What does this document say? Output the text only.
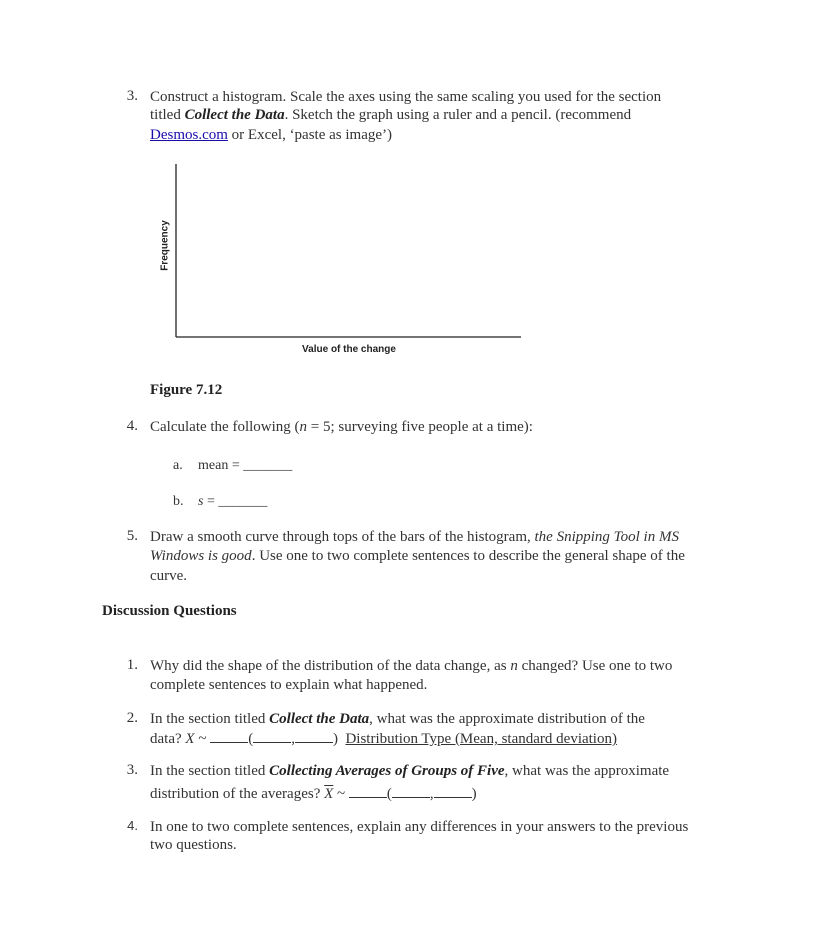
3. Construct a histogram. Scale the axes using the same scaling you used for the section
titled Collect the Data. Sketch the graph using a ruler and a pencil. (recommend
Desmos.com or Excel, ‘paste as image’)
Frequency
Value of the change
Figure 7.12
4. Calculate the following (n = 5; surveying five people at a time):
a. mean = _______
b. s = _______
5. Draw a smooth curve through tops of the bars of the histogram, the Snipping Tool in MS
Windows is good. Use one to two complete sentences to describe the general shape of the
curve.
Discussion Questions
1. Why did the shape of the distribution of the data change, as n changed? Use one to two
complete sentences to explain what happened.
2. In the section titled Collect the Data, what was the approximate distribution of the
data? X ~	(	,	)  Distribution Type (Mean, standard deviation)
3. In the section titled Collecting Averages of Groups of Five, what was the approximate
distribution of the averages? $\overline{X}$ ~	(	,	)
4. In one to two complete sentences, explain any differences in your answers to the previous
two questions.
